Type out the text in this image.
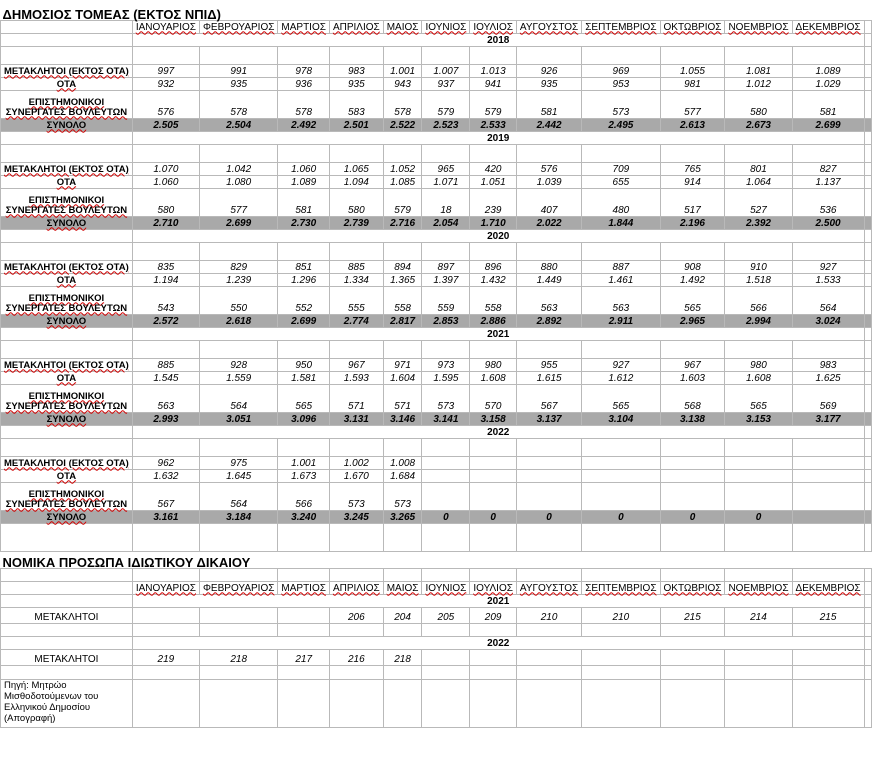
ΔΗΜΟΣΙΟΣ ΤΟΜΕΑΣ (ΕΚΤΟΣ ΝΠΙΔ)													
	ΙΑΝΟΥΑΡΙΟΣ	ΦΕΒΡΟΥΑΡΙΟΣ	ΜΑΡΤΙΟΣ	ΑΠΡΙΛΙΟΣ	ΜΑΙΟΣ	ΙΟΥΝΙΟΣ	ΙΟΥΛΙΟΣ	ΑΥΓΟΥΣΤΟΣ	ΣΕΠΤΕΜΒΡΙΟΣ	ΟΚΤΩΒΡΙΟΣ	ΝΟΕΜΒΡΙΟΣ	ΔΕΚΕΜΒΡΙΟΣ	
	2018												

ΜΕΤΑΚΛΗΤΟΙ (ΕΚΤΟΣ ΟΤΑ)	997	991	978	983	1.001	1.007	1.013	926	969	1.055	1.081	1.089	
ΟΤΑ	932	935	936	935	943	937	941	935	953	981	1.012	1.029	

ΕΠΙΣΤΗΜΟΝΙΚΟΙ
ΣΥΝΕΡΓΑΤΕΣ ΒΟΥΛΕΥΤΩΝ	576	578	578	583	578	579	579	581	573	577	580	581	
ΣΥΝΟΛΟ	2.505	2.504	2.492	2.501	2.522	2.523	2.533	2.442	2.495	2.613	2.673	2.699	
	2019												

ΜΕΤΑΚΛΗΤΟΙ (ΕΚΤΟΣ ΟΤΑ)	1.070	1.042	1.060	1.065	1.052	965	420	576	709	765	801	827	
ΟΤΑ	1.060	1.080	1.089	1.094	1.085	1.071	1.051	1.039	655	914	1.064	1.137	

ΕΠΙΣΤΗΜΟΝΙΚΟΙ
ΣΥΝΕΡΓΑΤΕΣ ΒΟΥΛΕΥΤΩΝ	580	577	581	580	579	18	239	407	480	517	527	536	
ΣΥΝΟΛΟ	2.710	2.699	2.730	2.739	2.716	2.054	1.710	2.022	1.844	2.196	2.392	2.500	
	2020												

ΜΕΤΑΚΛΗΤΟΙ (ΕΚΤΟΣ ΟΤΑ)	835	829	851	885	894	897	896	880	887	908	910	927	
ΟΤΑ	1.194	1.239	1.296	1.334	1.365	1.397	1.432	1.449	1.461	1.492	1.518	1.533	

ΕΠΙΣΤΗΜΟΝΙΚΟΙ
ΣΥΝΕΡΓΑΤΕΣ ΒΟΥΛΕΥΤΩΝ	543	550	552	555	558	559	558	563	563	565	566	564	
ΣΥΝΟΛΟ	2.572	2.618	2.699	2.774	2.817	2.853	2.886	2.892	2.911	2.965	2.994	3.024	
	2021												

ΜΕΤΑΚΛΗΤΟΙ (ΕΚΤΟΣ ΟΤΑ)	885	928	950	967	971	973	980	955	927	967	980	983	
ΟΤΑ	1.545	1.559	1.581	1.593	1.604	1.595	1.608	1.615	1.612	1.603	1.608	1.625	

ΕΠΙΣΤΗΜΟΝΙΚΟΙ
ΣΥΝΕΡΓΑΤΕΣ ΒΟΥΛΕΥΤΩΝ	563	564	565	571	571	573	570	567	565	568	565	569	
ΣΥΝΟΛΟ	2.993	3.051	3.096	3.131	3.146	3.141	3.158	3.137	3.104	3.138	3.153	3.177	
	2022												

ΜΕΤΑΚΛΗΤΟΙ (ΕΚΤΟΣ ΟΤΑ)	962	975	1.001	1.002	1.008								
ΟΤΑ	1.632	1.645	1.673	1.670	1.684								

ΕΠΙΣΤΗΜΟΝΙΚΟΙ
ΣΥΝΕΡΓΑΤΕΣ ΒΟΥΛΕΥΤΩΝ	567	564	566	573	573								
ΣΥΝΟΛΟ	3.161	3.184	3.240	3.245	3.265	0	0	0	0	0	0		

ΝΟΜΙΚΑ ΠΡΟΣΩΠΑ ΙΔΙΩΤΙΚΟΥ ΔΙΚΑΙΟΥ													

	ΙΑΝΟΥΑΡΙΟΣ	ΦΕΒΡΟΥΑΡΙΟΣ	ΜΑΡΤΙΟΣ	ΑΠΡΙΛΙΟΣ	ΜΑΙΟΣ	ΙΟΥΝΙΟΣ	ΙΟΥΛΙΟΣ	ΑΥΓΟΥΣΤΟΣ	ΣΕΠΤΕΜΒΡΙΟΣ	ΟΚΤΩΒΡΙΟΣ	ΝΟΕΜΒΡΙΟΣ	ΔΕΚΕΜΒΡΙΟΣ	
	2021												
ΜΕΤΑΚΛΗΤΟΙ				206	204	205	209	210	210	215	214	215	

	2022												
ΜΕΤΑΚΛΗΤΟΙ	219	218	217	216	218								

Πηγή: Μητρώο Μισθοδοτούμενων του Ελληνικού Δημοσίου (Απογραφή)													
